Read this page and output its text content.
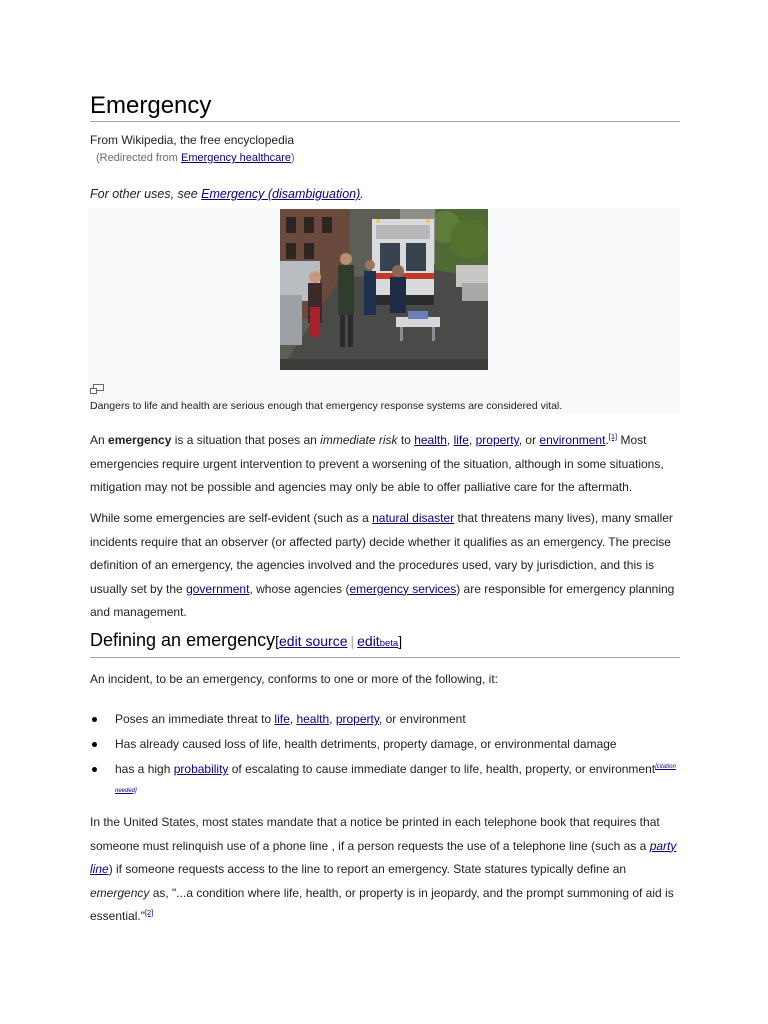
Emergency
From Wikipedia, the free encyclopedia
(Redirected from Emergency healthcare)
For other uses, see Emergency (disambiguation).
Dangers to life and health are serious enough that emergency response systems are considered vital.

An emergency is a situation that poses an immediate risk to health, life, property, or environment.[1] Most emergencies require urgent intervention to prevent a worsening of the situation, although in some situations, mitigation may not be possible and agencies may only be able to offer palliative care for the aftermath.

While some emergencies are self-evident (such as a natural disaster that threatens many lives), many smaller incidents require that an observer (or affected party) decide whether it qualifies as an emergency. The precise definition of an emergency, the agencies involved and the procedures used, vary by jurisdiction, and this is usually set by the government, whose agencies (emergency services) are responsible for emergency planning and management.

Defining an emergency[edit source | editbeta]

An incident, to be an emergency, conforms to one or more of the following, it:

Poses an immediate threat to life, health, property, or environment
Has already caused loss of life, health detriments, property damage, or environmental damage
has a high probability of escalating to cause immediate danger to life, health, property, or environment[citation needed]

In the United States, most states mandate that a notice be printed in each telephone book that requires that someone must relinquish use of a phone line , if a person requests the use of a telephone line (such as a party line) if someone requests access to the line to report an emergency. State statures typically define an emergency as, "...a condition where life, health, or property is in jeopardy, and the prompt summoning of aid is essential."[2]
